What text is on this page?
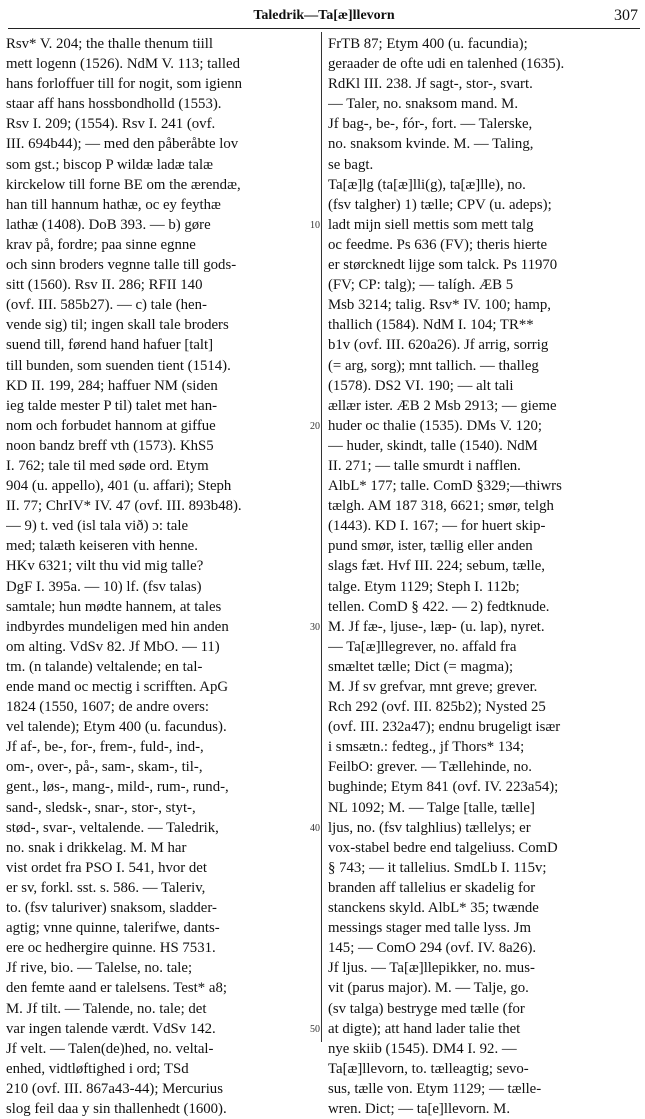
Taledrik—Ta[æ]llevorn	307
Rsv* V. 204; the thalle thenum tiill
mett logenn (1526). NdM V. 113; talled
hans forloffuer till for nogit, som igienn
staar aff hans hossbondholld (1553).
Rsv I. 209; (1554). Rsv I. 241 (ovf.
III. 694b44); — med den påberåbte lov
som gst.; biscop P wildæ ladæ talæ
kirckelow till forne BE om the ærendæ,
han till hannum hathæ, oc ey feythæ
lathæ (1408). DoB 393. — b) gøre
krav på, fordre; paa sinne egnne
och sinn broders vegnne talle till gods-
sitt (1560). Rsv II. 286; RFII 140
(ovf. III. 585b27). — c) tale (hen-
vende sig) til; ingen skall tale broders
suend till, førend hand hafuer [talt]
till bunden, som suenden tient (1514).
KD II. 199, 284; haffuer NM (siden
ieg talde mester P til) talet met han-
nom och forbudet hannom at giffue
noon bandz breff vth (1573). KhS5
I. 762; tale til med søde ord. Etym
904 (u. appello), 401 (u. affari); Steph
II. 77; ChrIV* IV. 47 (ovf. III. 893b48).
— 9) t. ved (isl tala við) ɔ: tale
med; talæth keiseren vith henne.
HKv 6321; vilt thu vid mig talle?
DgF I. 395a. — 10) lf. (fsv talas)
samtale; hun mødte hannem, at tales
indbyrdes mundeligen med hin anden
om alting. VdSv 82. Jf MbO. — 11)
tm. (n talande) veltalende; en tal-
ende mand oc mectig i scrifften. ApG
1824 (1550, 1607; de andre overs:
vel talende); Etym 400 (u. facundus).
Jf af-, be-, for-, frem-, fuld-, ind-,
om-, over-, på-, sam-, skam-, til-,
gent., løs-, mang-, mild-, rum-, rund-,
sand-, sledsk-, snar-, stor-, styt-,
stød-, svar-, veltalende. — Taledrik,
no. snak i drikkelag. M. M har
vist ordet fra PSO I. 541, hvor det
er sv, forkl. sst. s. 586. — Taleriv,
to. (fsv taluriver) snaksom, sladder-
agtig; vnne quinne, talerifwe, dants-
ere oc hedhergire quinne. HS 7531.
Jf rive, bio. — Talelse, no. tale;
den femte aand er talelsens. Test* a8;
M. Jf tilt. — Talende, no. tale; det
var ingen talende værdt. VdSv 142.
Jf velt. — Talen(de)hed, no. veltal-
enhed, vidtløftighed i ord; TSd
210 (ovf. III. 867a43-44); Mercurius
slog feil daa y sin thallenhedt (1600).
FrTB 87; Etym 400 (u. facundia);
geraader de ofte udi en talenhed (1635).
RdKl III. 238. Jf sagt-, stor-, svart.
— Taler, no. snaksom mand. M.
Jf bag-, be-, fór-, fort. — Talerske,
no. snaksom kvinde. M. — Taling,
se bagt.
Ta[æ]lg (ta[æ]lli(g), ta[æ]lle), no.
(fsv talgher) 1) tælle; CPV (u. adeps);
ladt mijn siell mettis som mett talg
oc feedme. Ps 636 (FV); theris hierte
er størcknedt lijge som talck. Ps 11970
(FV; CP: talg); — talígh. ÆB 5
Msb 3214; talig. Rsv* IV. 100; hamp,
thallich (1584). NdM I. 104; TR**
b1v (ovf. III. 620a26). Jf arrig, sorrig
(= arg, sorg); mnt tallich. — thalleg
(1578). DS2 VI. 190; — alt tali
ællær ister. ÆB 2 Msb 2913; — gieme
huder oc thalie (1535). DMs V. 120;
— huder, skindt, talle (1540). NdM
II. 271; — talle smurdt i nafflen.
AlbL* 177; talle. ComD §329;—thiwrs
tælgh. AM 187 318, 6621; smør, telgh
(1443). KD I. 167; — for huert skip-
pund smør, ister, tællig eller anden
slags fæt. Hvf III. 224; sebum, tælle,
talge. Etym 1129; Steph I. 112b;
tellen. ComD § 422. — 2) fedtknude.
M. Jf fæ-, ljuse-, læp- (u. lap), nyret.
— Ta[æ]llegrever, no. affald fra
smæltet tælle; Dict (= magma);
M. Jf sv grefvar, mnt greve; grever.
Rch 292 (ovf. III. 825b2); Nysted 25
(ovf. III. 232a47); endnu brugeligt især
i smsætn.: fedteg., jf Thors* 134;
FeilbO: grever. — Tællehinde, no.
bughinde; Etym 841 (ovf. IV. 223a54);
NL 1092; M. — Talge [talle, tælle]
ljus, no. (fsv talghlius) tællelys; er
vox-stabel bedre end talgeliuss. ComD
§ 743; — it tallelius. SmdLb I. 115v;
branden aff tallelius er skadelig for
stanckens skyld. AlbL* 35; twænde
messings stager med talle lyss. Jm
145; — ComO 294 (ovf. IV. 8a26).
Jf ljus. — Ta[æ]llepikker, no. mus-
vit (parus major). M. — Talje, go.
(sv talga) bestryge med tælle (for
at digte); att hand lader talie thet
nye skiib (1545). DM4 I. 92. —
Ta[æ]llevorn, to. tælleagtig; sevo-
sus, tælle von. Etym 1129; — tælle-
wren. Dict; — ta[e]llevorn. M.
10
20
30
40
50
